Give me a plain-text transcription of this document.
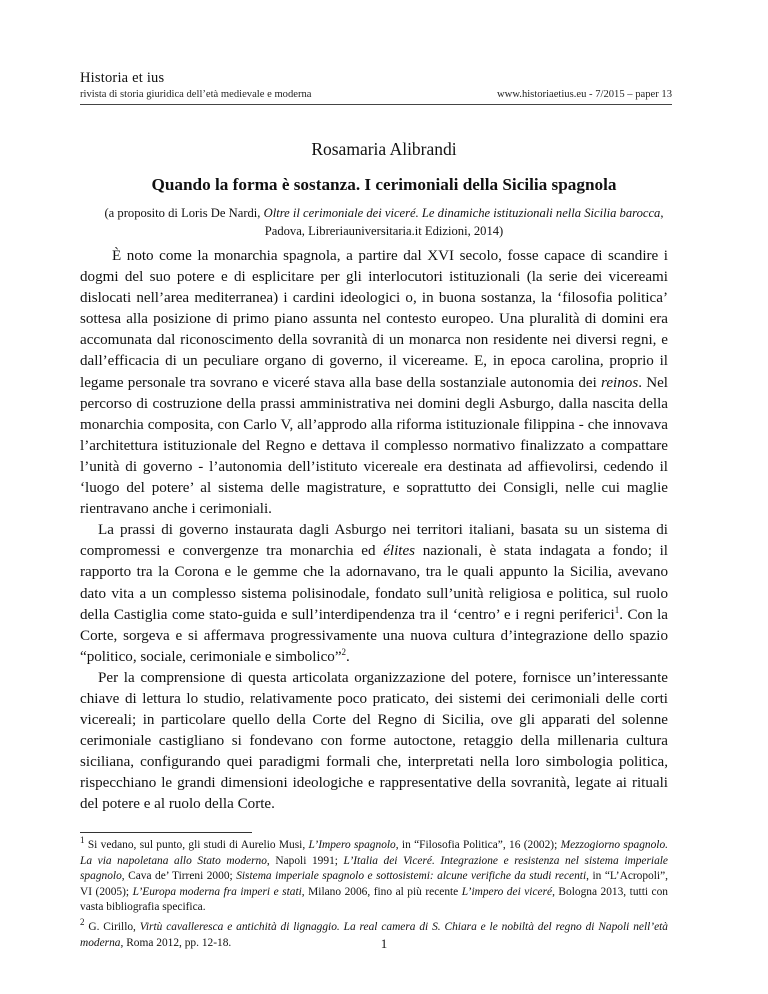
Historia et ius
rivista di storia giuridica dell’età medievale e moderna	www.historiaetius.eu - 7/2015 – paper 13
Rosamaria Alibrandi
Quando la forma è sostanza. I cerimoniali della Sicilia spagnola
(a proposito di Loris De Nardi, Oltre il cerimoniale dei viceré. Le dinamiche istituzionali nella Sicilia barocca, Padova, Libreriauniversitaria.it Edizioni, 2014)

È noto come la monarchia spagnola, a partire dal XVI secolo, fosse capace di scandire i dogmi del suo potere e di esplicitare per gli interlocutori istituzionali (la serie dei vicereami dislocati nell’area mediterranea) i cardini ideologici o, in buona sostanza, la ‘filosofia politica’ sottesa alla posizione di primo piano assunta nel contesto europeo. Una pluralità di domini era accomunata dal riconoscimento della sovranità di un monarca non residente nei diversi regni, e dall’efficacia di un peculiare organo di governo, il vicereame. E, in epoca carolina, proprio il legame personale tra sovrano e viceré stava alla base della sostanziale autonomia dei reinos. Nel percorso di costruzione della prassi amministrativa nei domini degli Asburgo, dalla nascita della monarchia composita, con Carlo V, all’approdo alla riforma istituzionale filippina - che innovava l’architettura istituzionale del Regno e dettava il complesso normativo finalizzato a compattare l’unità di governo - l’autonomia dell’istituto vicereale era destinata ad affievolirsi, cedendo il ‘luogo del potere’ al sistema delle magistrature, e soprattutto dei Consigli, nelle cui maglie rientravano anche i cerimoniali.

La prassi di governo instaurata dagli Asburgo nei territori italiani, basata su un sistema di compromessi e convergenze tra monarchia ed élites nazionali, è stata indagata a fondo; il rapporto tra la Corona e le gemme che la adornavano, tra le quali appunto la Sicilia, avevano dato vita a un complesso sistema polisinodale, fondato sull’unità religiosa e politica, sul ruolo della Castiglia come stato-guida e sull’interdipendenza tra il ‘centro’ e i regni periferici$^1$. Con la Corte, sorgeva e si affermava progressivamente una nuova cultura d’integrazione dello spazio “politico, sociale, cerimoniale e simbolico”$^2$.

Per la comprensione di questa articolata organizzazione del potere, fornisce un’interessante chiave di lettura lo studio, relativamente poco praticato, dei sistemi dei cerimoniali delle corti vicereali; in particolare quello della Corte del Regno di Sicilia, ove gli apparati del solenne cerimoniale castigliano si fondevano con forme autoctone, retaggio della millenaria cultura siciliana, configurando quei paradigmi formali che, interpretati nella loro simbologia politica, rispecchiano le grandi dimensioni ideologiche e rappresentative della sovranità, legate ai rituali del potere e al ruolo della Corte.

$^1$ Si vedano, sul punto, gli studi di Aurelio Musi, L’Impero spagnolo, in “Filosofia Politica”, 16 (2002); Mezzogiorno spagnolo. La via napoletana allo Stato moderno, Napoli 1991; L’Italia dei Viceré. Integrazione e resistenza nel sistema imperiale spagnolo, Cava de’ Tirreni 2000; Sistema imperiale spagnolo e sottosistemi: alcune verifiche da studi recenti, in “L’Acropoli”, VI (2005); L’Europa moderna fra imperi e stati, Milano 2006, fino al più recente L’impero dei viceré, Bologna 2013, tutti con vasta bibliografia specifica.

$^2$ G. Cirillo, Virtù cavalleresca e antichità di lignaggio. La real camera di S. Chiara e le nobiltà del regno di Napoli nell’età moderna, Roma 2012, pp. 12-18.	1
